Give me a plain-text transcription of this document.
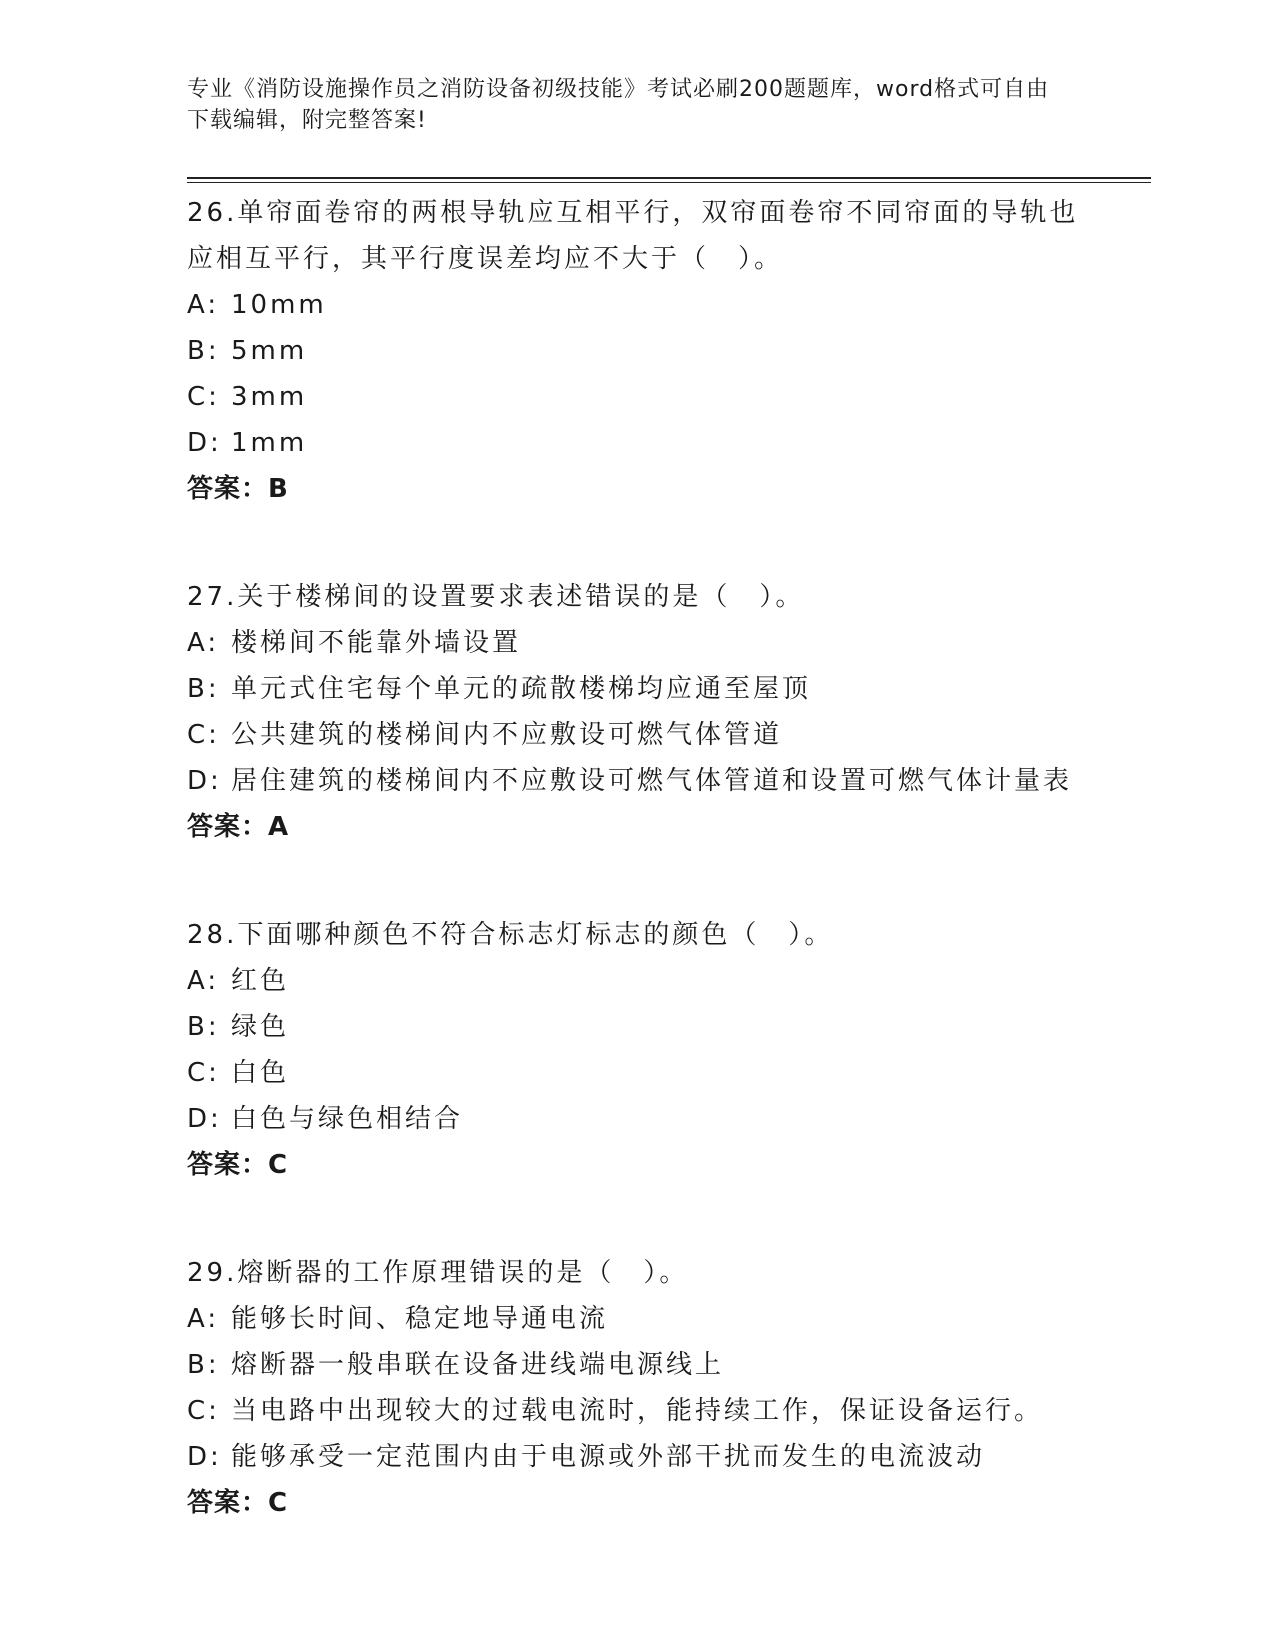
专业《消防设施操作员之消防设备初级技能》考试必刷200题题库，word格式可自由下载编辑，附完整答案!

26.单帘面卷帘的两根导轨应互相平行，双帘面卷帘不同帘面的导轨也应相互平行，其平行度误差均应不大于（　）。

A: 10mm
B: 5mm
C: 3mm
D: 1mm
答案：B

27.关于楼梯间的设置要求表述错误的是（　）。

A: 楼梯间不能靠外墙设置
B: 单元式住宅每个单元的疏散楼梯均应通至屋顶
C: 公共建筑的楼梯间内不应敷设可燃气体管道
D: 居住建筑的楼梯间内不应敷设可燃气体管道和设置可燃气体计量表
答案：A

28.下面哪种颜色不符合标志灯标志的颜色（　）。

A: 红色
B: 绿色
C: 白色
D: 白色与绿色相结合
答案：C

29.熔断器的工作原理错误的是（　）。

A: 能够长时间、稳定地导通电流
B: 熔断器一般串联在设备进线端电源线上
C: 当电路中出现较大的过载电流时，能持续工作，保证设备运行。
D: 能够承受一定范围内由于电源或外部干扰而发生的电流波动
答案：C
